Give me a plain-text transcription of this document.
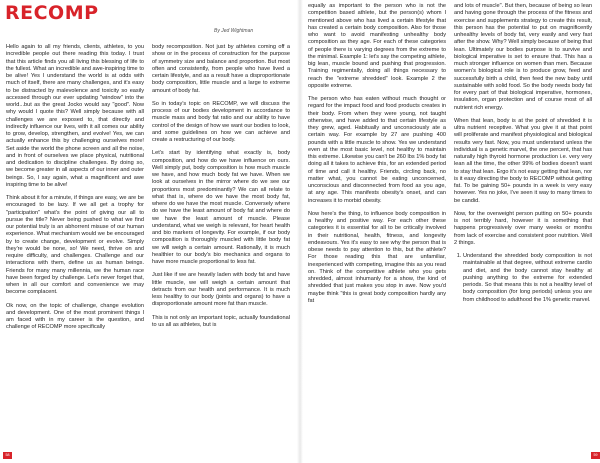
RECOMP
By Jed Wightman

Hello again to all my friends, clients, athletes, to you incredible people out there reading this today. I trust that this article finds you all living this blessing of life to the fullest. What an incredible and awe-inspiring time to be alive! Yes I understand the world is at odds with much of itself, there are many challenges, and it's easy to be distracted by malevolence and toxicity so easily accessed through our ever updating "window" into the world...but as the great Jocko would say "good". Now why would I quote this? Well simply because with all challenges we are exposed to, that directly and indirectly influence our lives, with it all comes our ability to grow, develop, strengthen, and evolve! Yes, we can actually enhance this by challenging ourselves more! Set aside the world the phone screen and all the noise, and in front of ourselves we place physical, nutritional and dedication to discipline challenges. By doing so, we become greater in all aspects of our inner and outer beings. So, I say again, what a magnificent and awe inspiring time to be alive!

Think about it for a minute, if things are easy, we are be encouraged to be lazy. If we all get a trophy for "participation" what's the point of giving our all to pursue the title? Never being pushed to what we find our potential truly is an abhorrent misuse of our human experience. What mechanism would we be encouraged by to create change, development or evolve. Simply they're would be none, so! We need, thrive on and require difficulty, and challenges. Challenge and our interactions with them, define us as human beings. Friends for many many millennia, we the human race have been forged by challenge. Let's never forget that, when in all our comfort and convenience we may become complacent.

Ok now, on the topic of challenge, change evolution and development. One of the most prominent things I am faced with in my career is the question, and challenge of RECOMP more specifically

body recomposition. Not just by athletes coming off a show or in the process of construction for the purpose of symmetry size and balance and proportion. But most often and consistently, from people who have lived a certain lifestyle, and as a result have a disproportionate body composition, little muscle and a large to extreme amount of body fat.

So in today's topic on RECOMP, we will discuss the process of our bodies development in accordance to muscle mass and body fat ratio and our ability to have control of the design of how we want our bodies to look, and some guidelines on how we can achieve and create a restructuring of our body.

Let's start by identifying what exactly is, body composition, and how do we have influence on ours. Well simply put, body composition is how much muscle we have, and how much body fat we have. When we look at ourselves in the mirror where do we see our proportions most predominantly? We can all relate to what that is, where do we have the most body fat, where do we have the most muscle. Conversely where do we have the least amount of body fat and where do we have the least amount of muscle. Please understand, what we weigh is relevant, for heart health and bio markers of longevity. For example, if our body composition is thoroughly muscled with little body fat we will weigh a certain amount. Rationally, it is much healthier to our body's bio mechanics and organs to have more muscle proportional to less fat.

Just like if we are heavily laden with body fat and have little muscle, we will weigh a certain amount that detracts from our health and performance. It is much less healthy to our body (joints and organs) to have a disproportionate amount more fat than muscle.

This is not only an important topic, actually foundational to us all as athletes, but is

58

equally as important to the person who is not the competition based athlete, but the person(s) whom I mentioned above who has lived a certain lifestyle that has created a certain body composition. Also for those who want to avoid manifesting unhealthy body composition as they age. For each of these categories of people there is varying degrees from the extreme to the minimal. Example 1: let's say the competing athlete, big lean, muscle bound and pushing that progression. Training regimentally, doing all things necessary to reach the "extreme shredded" look. Example 2 the opposite extreme.

The person who has eaten without much thought or regard for the impact food and food products creates in their body. From when they were young, not taught otherwise, and have added to that certain lifestyle as they grew, aged. Habitually and unconsciously ate a certain way. For example by 27 are pushing 400 pounds with a little muscle to show. Yes we understand even at the most basic level, not healthy to maintain this extreme. Likewise you can't be 260 lbs 1% body fat doing all it takes to achieve this, for an extended period of time and call it healthy. Friends, circling back, no matter what, you cannot be eating unconcerned, unconscious and disconnected from food as you age, at any age. This manifests obesity's onset, and can increases it to morbid obesity.

Now here's the thing, to influence body composition in a healthy and positive way. For each other these categories it is essential for all to be critically involved in their nutritional, health, fitness, and longevity endeavours. Yes it's easy to see why the person that is obese needs to pay attention to this, but the athlete? For those reading this that are unfamiliar, inexperienced with competing, imagine this as you read on. Think of the competitive athlete who you gets shredded, almost inhumanly for a show, the kind of shredded that just makes you stop in awe. Now you'd maybe think "this is great body composition hardly any fat

and lots of muscle". But then, because of being so lean and having gone through the process of the fitness and exercise and supplements strategy to create this result, this person has the potential to put on magnificently unhealthy levels of body fat, very easily and very fast after the show. Why? Well simply because of being that lean. Ultimately our bodies purpose is to survive and biological imperative is set to ensure that. This has a much stronger influence on women than men. Because women's biological role is to produce grow, feed and successfully birth a child, then feed the new baby until sustainable with solid food. So the body needs body fat for every part of that biological imperative, hormones, insulation, organ protection and of course most of all nutrient rich energy.

When that lean, body is at the point of shredded it is ultra nutrient receptive. What you give it at that point will proliferate and manifest physiological and biological results very fast. Now, you must understand unless the individual is a genetic marvel, the one percent, that has naturally high thyroid hormone production i.e. very very lean all the time, the other 99% of bodies doesn't want to stay that lean. Ergo it's not easy getting that lean, nor is it easy directing the body to RECOMP without getting fat. To be gaining 50+ pounds in a week is very easy however. Yes no joke, I've seen it way to many times to be candid.

Now, for the overweight person putting on 50+ pounds is not terribly hard, however it is something that happens progressively over many weeks or months from lack of exercise and consistent poor nutrition. Well 2 things.

1. Understand the shredded body composition is not maintainable at that degree, without extreme cardio and diet, and the body cannot stay healthy at pushing anything to the extreme for extended periods. So that means this is not a healthy level of body composition (for long periods) unless you are from childhood to adulthood the 1% genetic marvel.
59
